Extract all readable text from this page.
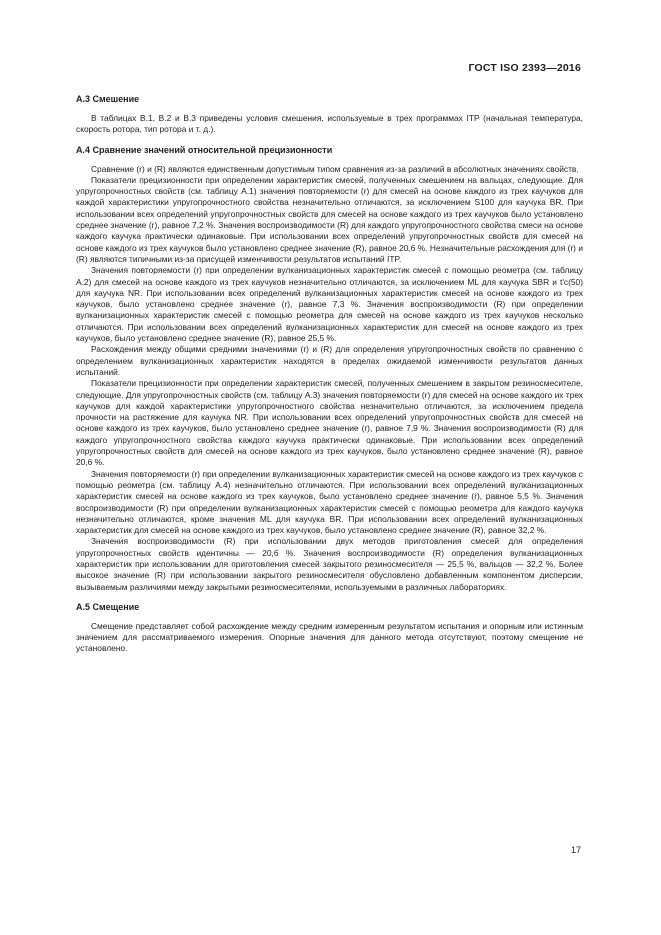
ГОСТ ISO 2393—2016
А.3 Смешение

В таблицах В.1, В.2 и В.3 приведены условия смешения, используемые в трех программах ITP (начальная температура, скорость ротора, тип ротора и т. д.).

А.4 Сравнение значений относительной прецизионности

Сравнение (r) и (R) являются единственным допустимым типом сравнения из-за различий в абсолютных значениях свойств.

Показатели прецизионности при определении характеристик смесей, полученных смешением на вальцах, следующие. Для упругопрочностных свойств (см. таблицу А.1) значения повторяемости (r) для смесей на основе каждого из трех каучуков для каждой характеристики упругопрочностного свойства незначительно отличаются, за исключением S100 для каучука BR. При использовании всех определений упругопрочностных свойств для смесей на основе каждого из трех каучуков было установлено среднее значение (r), равное 7,2 %. Значения воспроизводимости (R) для каждого упругопрочностного свойства смеси на основе каждого каучука практически одинаковые. При использовании всех определений упругопрочностных свойств для смесей на основе каждого из трех каучуков было установлено среднее значение (R), равное 20,6 %. Незначительные расхождения для (r) и (R) являются типичными из-за присущей изменчивости результатов испытаний ITP.

Значения повторяемости (r) при определении вулканизационных характеристик смесей с помощью реометра (см. таблицу А.2) для смесей на основе каждого из трех каучуков незначительно отличаются, за исключением ML для каучука SBR и t'c(50) для каучука NR. При использовании всех определений вулканизационных характеристик смесей на основе каждого из трех каучуков, было установлено среднее значение (r), равное 7,3 %. Значения воспроизводимости (R) при определении вулканизационных характеристик смесей с помощью реометра для смесей на основе каждого из трех каучуков несколько отличаются. При использовании всех определений вулканизационных характеристик для смесей на основе каждого из трех каучуков, было установлено среднее значение (R), равное 25,5 %.

Расхождения между общими средними значениями (r) и (R) для определения упругопрочностных свойств по сравнению с определением вулканизационных характеристик находятся в пределах ожидаемой изменчивости результатов данных испытаний.

Показатели прецизионности при определении характеристик смесей, полученных смешением в закрытом резиносмесителе, следующие. Для упругопрочностных свойств (см. таблицу А.3) значения повторяемости (r) для смесей на основе каждого их трех каучуков для каждой характеристики упругопрочностного свойства незначительно отличаются, за исключением предела прочности на растяжение для каучука NR. При использовании всех определений упругопрочностных свойств для смесей на основе каждого из трех каучуков, было установлено среднее значение (r), равное 7,9 %. Значения воспроизводимости (R) для каждого упругопрочностного свойства каждого каучука практически одинаковые. При использовании всех определений упругопрочностных свойств для смесей на основе каждого из трех каучуков, было установлено среднее значение (R), равное 20,6 %.

Значения повторяемости (r) при определении вулканизационных характеристик смесей на основе каждого из трех каучуков с помощью реометра (см. таблицу А.4) незначительно отличаются. При использовании всех определений вулканизационных характеристик смесей на основе каждого из трех каучуков, было установлено среднее значение (r), равное 5,5 %. Значения воспроизводимости (R) при определении вулканизационных характеристик смесей с помощью реометра для каждого каучука незначительно отличаются, кроме значения ML для каучука BR. При использовании всех определений вулканизационных характеристик для смесей на основе каждого из трех каучуков, было установлено среднее значение (R), равное 32,2 %.

Значения воспроизводимости (R) при использовании двух методов приготовления смесей для определения упругопрочностных свойств идентичны — 20,6 %. Значения воспроизводимости (R) определения вулканизационных характеристик при использовании для приготовления смесей закрытого резиносмесителя — 25,5 %, вальцов — 32,2 %. Более высокое значение (R) при использовании закрытого резиносмесителя обусловлено добавленным компонентом дисперсии, вызываемым различиями между закрытыми резиносмесителями, используемыми в различных лабораториях.

А.5 Смещение

Смещение представляет собой расхождение между средним измеренным результатом испытания и опорным или истинным значением для рассматриваемого измерения. Опорные значения для данного метода отсутствуют, поэтому смещение не установлено.

17
